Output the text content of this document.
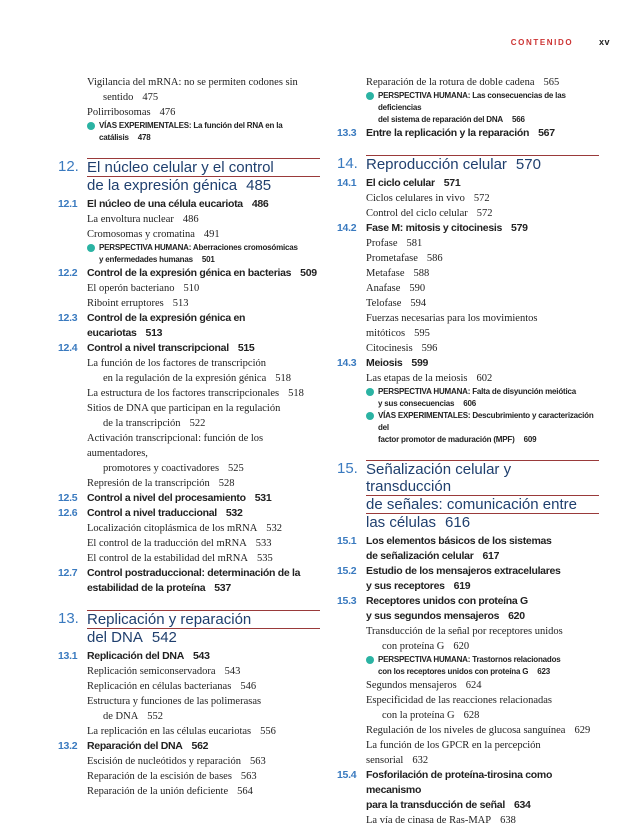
CONTENIDO	xv
Vigilancia del mRNA: no se permiten codones sin
sentido 475
Polirribosomas 476
VÍAS EXPERIMENTALES: La función del RNA en la catálisis 478
12. El núcleo celular y el control
de la expresión génica 485
12.1 El núcleo de una célula eucariota 486
La envoltura nuclear 486
Cromosomas y cromatina 491
PERSPECTIVA HUMANA: Aberraciones cromosómicas
y enfermedades humanas 501
12.2 Control de la expresión génica en bacterias 509
El operón bacteriano 510
Riboint erruptores 513
12.3 Control de la expresión génica en eucariotas 513
12.4 Control a nivel transcripcional 515
La función de los factores de transcripción
en la regulación de la expresión génica 518
La estructura de los factores transcripcionales 518
Sitios de DNA que participan en la regulación
de la transcripción 522
Activación transcripcional: función de los aumentadores,
promotores y coactivadores 525
Represión de la transcripción 528
12.5 Control a nivel del procesamiento 531
12.6 Control a nivel traduccional 532
Localización citoplásmica de los mRNA 532
El control de la traducción del mRNA 533
El control de la estabilidad del mRNA 535
12.7 Control postraduccional: determinación de la
estabilidad de la proteína 537
13. Replicación y reparación
del DNA 542
13.1 Replicación del DNA 543
Replicación semiconservadora 543
Replicación en células bacterianas 546
Estructura y funciones de las polimerasas
de DNA 552
La replicación en las células eucariotas 556
13.2 Reparación del DNA 562
Escisión de nucleótidos y reparación 563
Reparación de la escisión de bases 563
Reparación de la unión deficiente 564
Reparación de la rotura de doble cadena 565
PERSPECTIVA HUMANA: Las consecuencias de las deficiencias
del sistema de reparación del DNA 566
13.3 Entre la replicación y la reparación 567
14. Reproducción celular 570
14.1 El ciclo celular 571
Ciclos celulares in vivo 572
Control del ciclo celular 572
14.2 Fase M: mitosis y citocinesis 579
Profase 581
Prometafase 586
Metafase 588
Anafase 590
Telofase 594
Fuerzas necesarias para los movimientos mitóticos 595
Citocinesis 596
14.3 Meiosis 599
Las etapas de la meiosis 602
PERSPECTIVA HUMANA: Falta de disyunción meiótica
y sus consecuencias 606
VÍAS EXPERIMENTALES: Descubrimiento y caracterización del
factor promotor de maduración (MPF) 609
15. Señalización celular y transducción
de señales: comunicación entre
las células 616
15.1 Los elementos básicos de los sistemas
de señalización celular 617
15.2 Estudio de los mensajeros extracelulares
y sus receptores 619
15.3 Receptores unidos con proteína G
y sus segundos mensajeros 620
Transducción de la señal por receptores unidos
con proteína G 620
PERSPECTIVA HUMANA: Trastornos relacionados
con los receptores unidos con proteína G 623
Segundos mensajeros 624
Especificidad de las reacciones relacionadas
con la proteína G 628
Regulación de los niveles de glucosa sanguínea 629
La función de los GPCR en la percepción sensorial 632
15.4 Fosforilación de proteína-tirosina como mecanismo
para la transducción de señal 634
La vía de cinasa de Ras-MAP 638
